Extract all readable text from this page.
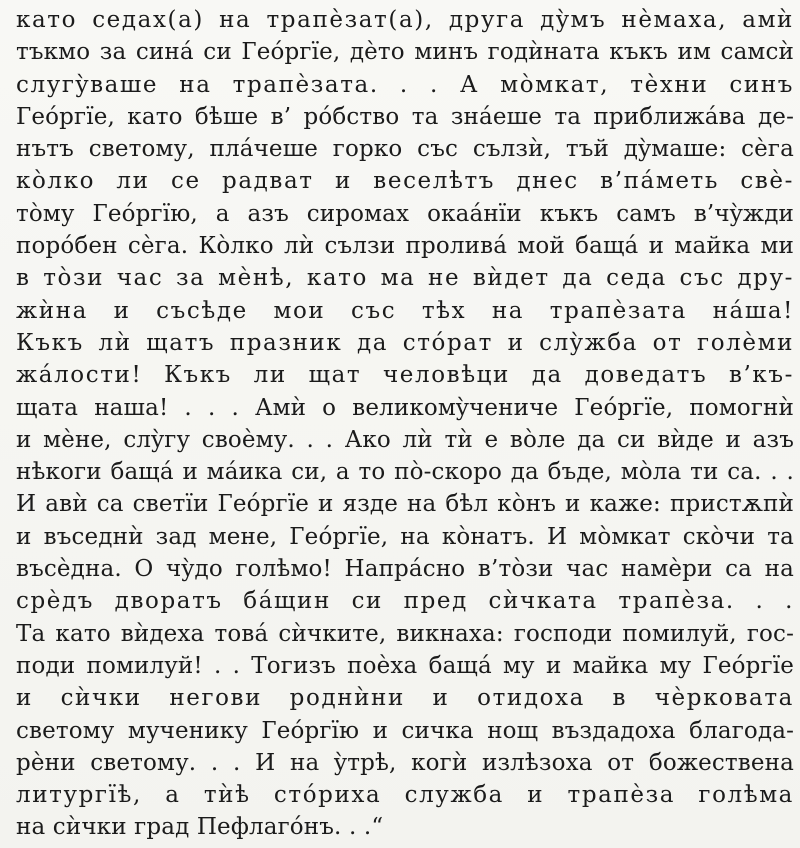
като седах(а) на трапѐзат(а), друга дỳмъ нѐмаха, амѝ
тъкмо за синá си Геóргїе, дѐто минъ годѝната къкъ им самсѝ
слугỳваше на трапѐзата. . . А мòмкат, тѐхни синъ
Геóргїе, като бѣше в’ рóбство та знáеше та приближáва де-
нътъ светому, плáчеше горко със сълзѝ, тъй дỳмаше: сѐга
кòлко ли се радват и веселѣтъ днес в’пáметь свѐ-
тòму Геóргїю, а азъ сиромах окаáнїи къкъ самъ в’чỳжди
порóбен сѐга. Кòлко лѝ сълзи проливá мой бащá и майка ми
в тòзи час за мѐнѣ, като ма не вѝдет да седа със дру-
жѝна и съсѣде мои със тѣх на трапѐзата нáша!
Къкъ лѝ щатъ празник да стóрат и слỳжба от голѐми
жáлости! Къкъ ли щат человѣци да доведатъ в’къ-
щата наша! . . . Амѝ о великомỳчениче Геóргїе, помогнѝ
и мѐне, слỳгу своѐму. . . Ако лѝ тѝ е вòле да си вѝде и азъ
нѣкоги бащá и мáика си, а то пò-скоро да бъде, мòла ти са. . .
И авѝ са светїи Геóргїе и язде на бѣл кòнъ и каже: пристѫпѝ
и въседнѝ зад мене, Геóргїе, на кòнатъ. И мòмкат скòчи та
въсѐдна. О чỳдо голѣмо! Напрáсно в’тòзи час намѐри са на
срѐдъ дворатъ бáщин си пред сѝчката трапѐза. . .
Та като вѝдеха товá сѝчките, викнаха: господи помилуй, гос-
поди помилуй! . . Тогизъ поѐха бащá му и майка му Геóргїе
и сѝчки негови роднѝни и отидоха в чѐрковата
светому мученику Геóргїю и сичка нощ въздадоха благода-
рѐни светому. . . И на ỳтрѣ, когѝ излѣзоха от божествена
литургїѣ, а тѝѣ стóриха служба и трапѐза голѣма
на сѝчки град Пефлагóнъ. . .“
